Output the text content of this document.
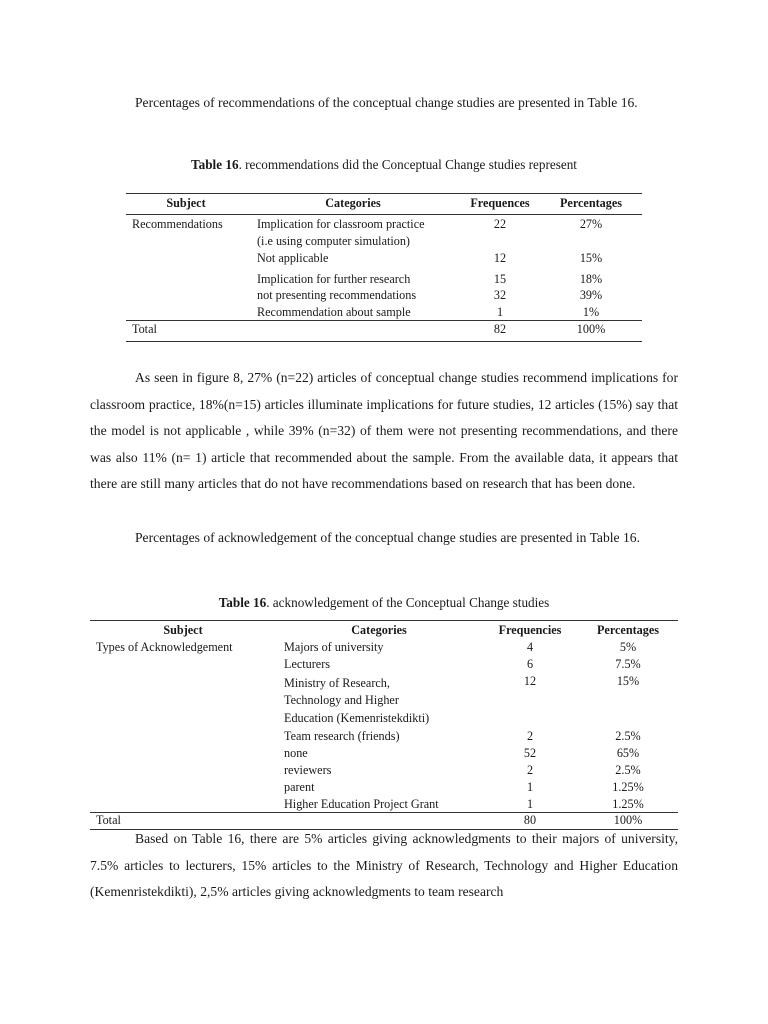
Percentages of recommendations of the conceptual change studies are presented in Table 16.

Table 16. recommendations did the Conceptual Change studies represent

Subject	Categories	Frequences	Percentages
Recommendations	Implication for classroom practice	22	27%
(i.e using computer simulation)
Not applicable	12	15%
Implication for further research	15	18%
not presenting recommendations	32	39%
Recommendation about sample	1	1%
Total	82	100%

As seen in figure 8, 27% (n=22) articles of conceptual change studies recommend implications for classroom practice, 18%(n=15) articles illuminate implications for future studies, 12 articles (15%) say that the model is not applicable , while 39% (n=32) of them were not presenting recommendations, and there was also 11% (n= 1) article that recommended about the sample. From the available data, it appears that there are still many articles that do not have recommendations based on research that has been done.

Percentages of acknowledgement of the conceptual change studies are presented in Table 16.

Table 16. acknowledgement of the Conceptual Change studies

Subject	Categories	Frequencies	Percentages
Types of Acknowledgement	Majors of university	4	5%
Lecturers	6	7.5%
Ministry of Research,	12	15%
Technology and Higher
Education (Kemenristekdikti)
Team research (friends)	2	2.5%
none	52	65%
reviewers	2	2.5%
parent	1	1.25%
Higher Education Project Grant	1	1.25%
Total	80	100%

Based on Table 16, there are 5% articles giving acknowledgments to their majors of university, 7.5% articles to lecturers, 15% articles to the Ministry of Research, Technology and Higher Education (Kemenristekdikti), 2,5% articles giving acknowledgments to team research
